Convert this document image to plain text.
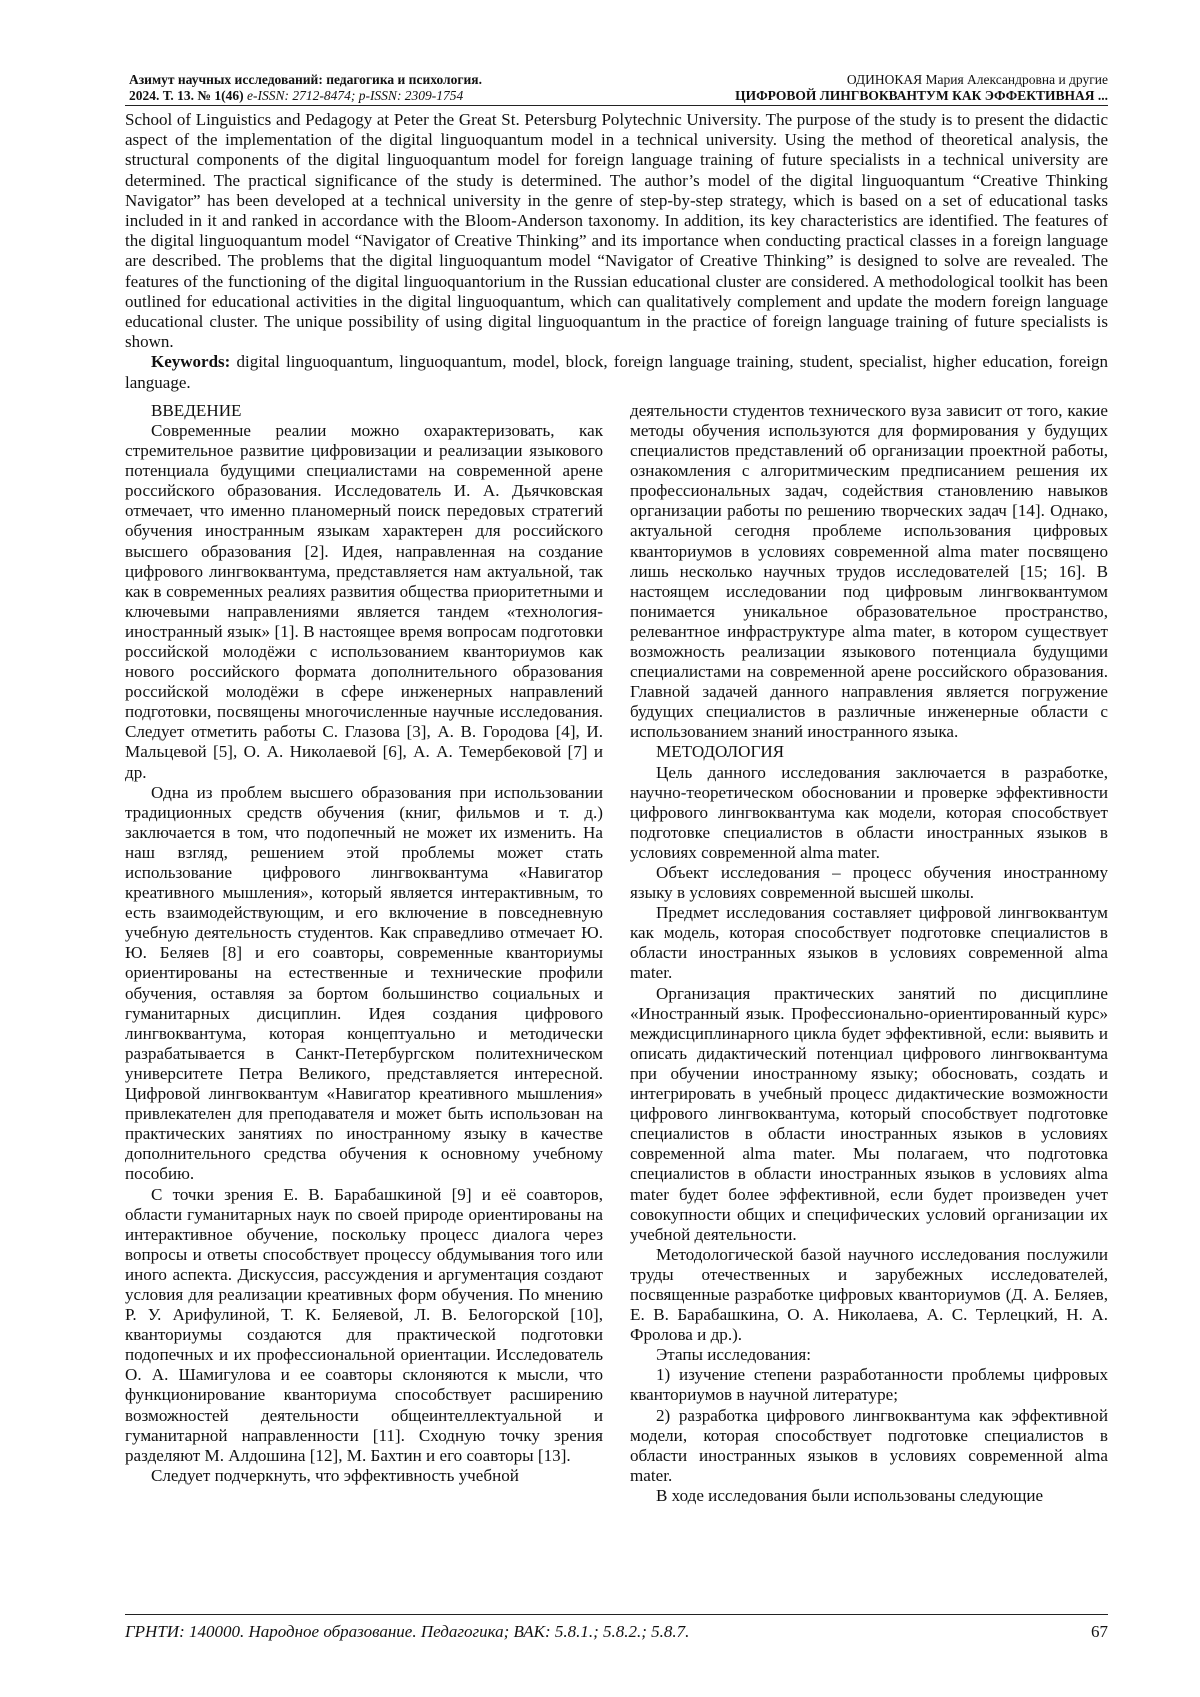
Азимут научных исследований: педагогика и психология.
2024. Т. 13. № 1(46) e-ISSN: 2712-8474; p-ISSN: 2309-1754
ОДИНОКАЯ Мария Александровна и другие
ЦИФРОВОЙ ЛИНГВОКВАНТУМ КАК ЭФФЕКТИВНАЯ ...
School of Linguistics and Pedagogy at Peter the Great St. Petersburg Polytechnic University. The purpose of the study is to present the didactic aspect of the implementation of the digital linguoquantum model in a technical university. Using the method of theoretical analysis, the structural components of the digital linguoquantum model for foreign language training of future specialists in a technical university are determined. The practical significance of the study is determined. The author’s model of the digital linguoquantum “Creative Thinking Navigator” has been developed at a technical university in the genre of step-by-step strategy, which is based on a set of educational tasks included in it and ranked in accordance with the Bloom-Anderson taxonomy. In addition, its key characteristics are identified. The features of the digital linguoquantum model “Navigator of Creative Thinking” and its importance when conducting practical classes in a foreign language are described. The problems that the digital linguoquantum model “Navigator of Creative Thinking” is designed to solve are revealed. The features of the functioning of the digital linguoquantorium in the Russian educational cluster are considered. A methodological toolkit has been outlined for educational activities in the digital linguoquantum, which can qualitatively complement and update the modern foreign language educational cluster. The unique possibility of using digital linguoquantum in the practice of foreign language training of future specialists is shown.
Keywords: digital linguoquantum, linguoquantum, model, block, foreign language training, student, specialist, higher education, foreign language.
ВВЕДЕНИЕ

Современные реалии можно охарактеризовать, как стремительное развитие цифровизации и реализации языкового потенциала будущими специалистами на современной арене российского образования. Исследователь И. А. Дьячковская отмечает, что именно планомерный поиск передовых стратегий обучения иностранным языкам характерен для российского высшего образования [2]. Идея, направленная на создание цифрового лингвоквантума, представляется нам актуальной, так как в современных реалиях развития общества приоритетными и ключевыми направлениями является тандем «технология-иностранный язык» [1]. В настоящее время вопросам подготовки российской молодёжи с использованием кванториумов как нового российского формата дополнительного образования российской молодёжи в сфере инженерных направлений подготовки, посвящены многочисленные научные исследования. Следует отметить работы С. Глазова [3], А. В. Городова [4], И. Мальцевой [5], О. А. Николаевой [6], А. А. Темербековой [7] и др.

Одна из проблем высшего образования при использовании традиционных средств обучения (книг, фильмов и т. д.) заключается в том, что подопечный не может их изменить. На наш взгляд, решением этой проблемы может стать использование цифрового лингвоквантума «Навигатор креативного мышления», который является интерактивным, то есть взаимодействующим, и его включение в повседневную учебную деятельность студентов. Как справедливо отмечает Ю. Ю. Беляев [8] и его соавторы, современные кванториумы ориентированы на естественные и технические профили обучения, оставляя за бортом большинство социальных и гуманитарных дисциплин. Идея создания цифрового лингвоквантума, которая концептуально и методически разрабатывается в Санкт-Петербургском политехническом университете Петра Великого, представляется интересной. Цифровой лингвоквантум «Навигатор креативного мышления» привлекателен для преподавателя и может быть использован на практических занятиях по иностранному языку в качестве дополнительного средства обучения к основному учебному пособию.

С точки зрения Е. В. Барабашкиной [9] и её соавторов, области гуманитарных наук по своей природе ориентированы на интерактивное обучение, поскольку процесс диалога через вопросы и ответы способствует процессу обдумывания того или иного аспекта. Дискуссия, рассуждения и аргументация создают условия для реализации креативных форм обучения. По мнению Р. У. Арифулиной, Т. К. Беляевой, Л. В. Белогорской [10], кванториумы создаются для практической подготовки подопечных и их профессиональной ориентации. Исследователь О. А. Шамигулова и ее соавторы склоняются к мысли, что функционирование кванториума способствует расширению возможностей деятельности общеинтеллектуальной и гуманитарной направленности [11]. Сходную точку зрения разделяют М. Алдошина [12], М. Бахтин и его соавторы [13].

Следует подчеркнуть, что эффективность учебной

деятельности студентов технического вуза зависит от того, какие методы обучения используются для формирования у будущих специалистов представлений об организации проектной работы, ознакомления с алгоритмическим предписанием решения их профессиональных задач, содействия становлению навыков организации работы по решению творческих задач [14]. Однако, актуальной сегодня проблеме использования цифровых кванториумов в условиях современной alma mater посвящено лишь несколько научных трудов исследователей [15; 16]. В настоящем исследовании под цифровым лингвоквантумом понимается уникальное образовательное пространство, релевантное инфраструктуре alma mater, в котором существует возможность реализации языкового потенциала будущими специалистами на современной арене российского образования. Главной задачей данного направления является погружение будущих специалистов в различные инженерные области с использованием знаний иностранного языка.

МЕТОДОЛОГИЯ

Цель данного исследования заключается в разработке, научно-теоретическом обосновании и проверке эффективности цифрового лингвоквантума как модели, которая способствует подготовке специалистов в области иностранных языков в условиях современной alma mater.

Объект исследования – процесс обучения иностранному языку в условиях современной высшей школы.

Предмет исследования составляет цифровой лингвоквантум как модель, которая способствует подготовке специалистов в области иностранных языков в условиях современной alma mater.

Организация практических занятий по дисциплине «Иностранный язык. Профессионально-ориентированный курс» междисциплинарного цикла будет эффективной, если: выявить и описать дидактический потенциал цифрового лингвоквантума при обучении иностранному языку; обосновать, создать и интегрировать в учебный процесс дидактические возможности цифрового лингвоквантума, который способствует подготовке специалистов в области иностранных языков в условиях современной alma mater. Мы полагаем, что подготовка специалистов в области иностранных языков в условиях alma mater будет более эффективной, если будет произведен учет совокупности общих и специфических условий организации их учебной деятельности.

Методологической базой научного исследования послужили труды отечественных и зарубежных исследователей, посвященные разработке цифровых кванториумов (Д. А. Беляев, Е. В. Барабашкина, О. А. Николаева, А. С. Терлецкий, Н. А. Фролова и др.).

Этапы исследования:

1) изучение степени разработанности проблемы цифровых кванториумов в научной литературе;

2) разработка цифрового лингвоквантума как эффективной модели, которая способствует подготовке специалистов в области иностранных языков в условиях современной alma mater.

В ходе исследования были использованы следующие

ГРНТИ: 140000. Народное образование. Педагогика; ВАК: 5.8.1.; 5.8.2.; 5.8.7.	67
